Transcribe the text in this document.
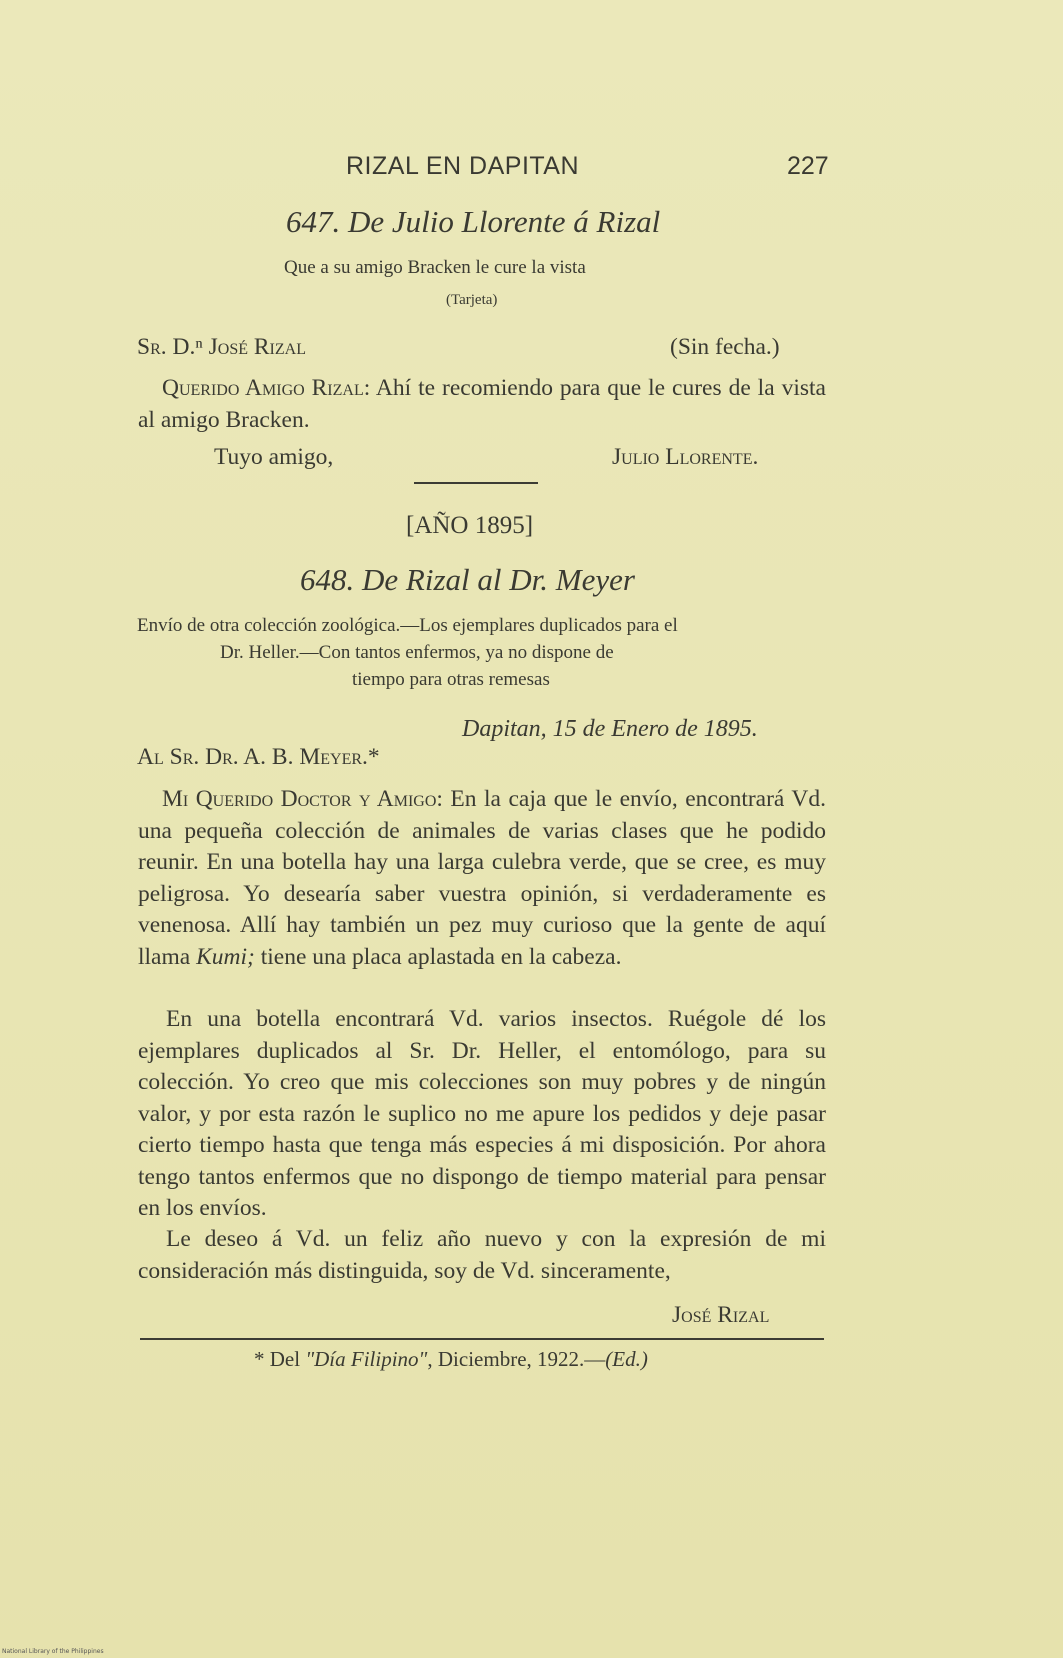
RIZAL EN DAPITAN	227
647. De Julio Llorente á Rizal
Que a su amigo Bracken le cure la vista
(Tarjeta)
Sr. D.ⁿ José Rizal	(Sin fecha.)
Querido Amigo Rizal: Ahí te recomiendo para que le cures de la vista al amigo Bracken.
Tuyo amigo,	Julio Llorente.
[AÑO 1895]
648. De Rizal al Dr. Meyer
Envío de otra colección zoológica.—Los ejemplares duplicados para el
Dr. Heller.—Con tantos enfermos, ya no dispone de
tiempo para otras remesas
Dapitan, 15 de Enero de 1895.
Al Sr. Dr. A. B. Meyer.*
Mi Querido Doctor y Amigo: En la caja que le envío, encontrará Vd. una pequeña colección de animales de varias clases que he podido reunir. En una botella hay una larga culebra verde, que se cree, es muy peligrosa. Yo desearía saber vuestra opinión, si verdaderamente es venenosa. Allí hay también un pez muy curioso que la gente de aquí llama Kumi; tiene una placa aplastada en la cabeza.
En una botella encontrará Vd. varios insectos. Ruégole dé los ejemplares duplicados al Sr. Dr. Heller, el entomólogo, para su colección. Yo creo que mis colecciones son muy pobres y de ningún valor, y por esta razón le suplico no me apure los pedidos y deje pasar cierto tiempo hasta que tenga más especies á mi disposición. Por ahora tengo tantos enfermos que no dispongo de tiempo material para pensar en los envíos.
Le deseo á Vd. un feliz año nuevo y con la expresión de mi consideración más distinguida, soy de Vd. sinceramente,
José Rizal
* Del "Día Filipino", Diciembre, 1922.—(Ed.)
National Library of the Philippines
